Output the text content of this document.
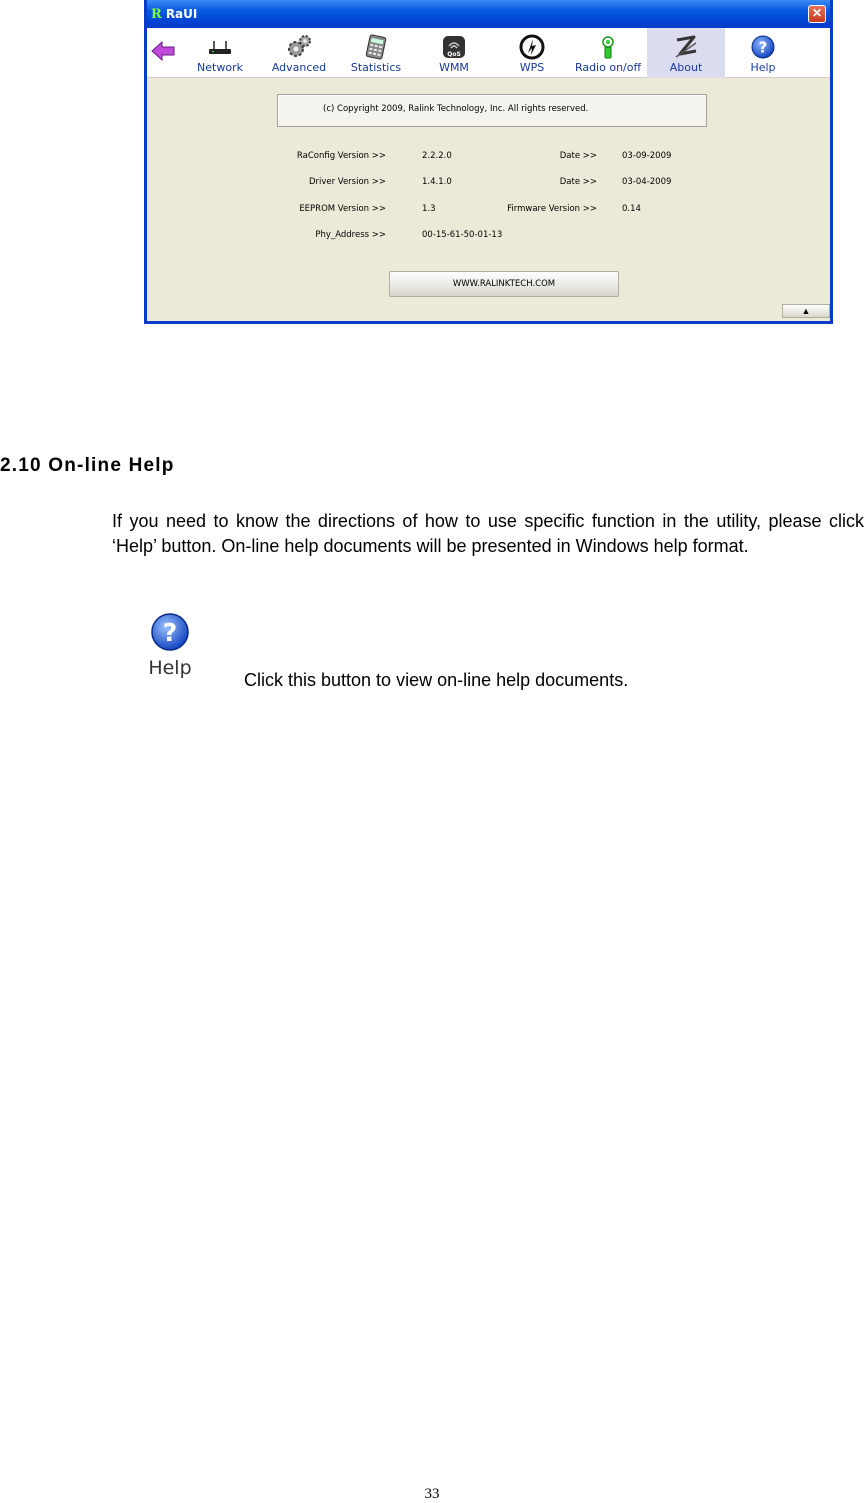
R RaUI	✕
Network	Advanced	Statistics
QoS
WMM	WPS	Radio on/off	About
?
Help
(c) Copyright 2009, Ralink Technology, Inc. All rights reserved.
RaConfig Version >>	2.2.2.0	Date >>	03-09-2009
Driver Version >>	1.4.1.0	Date >>	03-04-2009
EEPROM Version >>	1.3	Firmware Version >>	0.14
Phy_Address >>	00-15-61-50-01-13
WWW.RALINKTECH.COM
▲
2.10 On-line Help

If you need to know the directions of how to use specific function in the utility, please click ‘Help’ button. On-line help documents will be presented in Windows help format.

?
Help
Click this button to view on-line help documents.
33
